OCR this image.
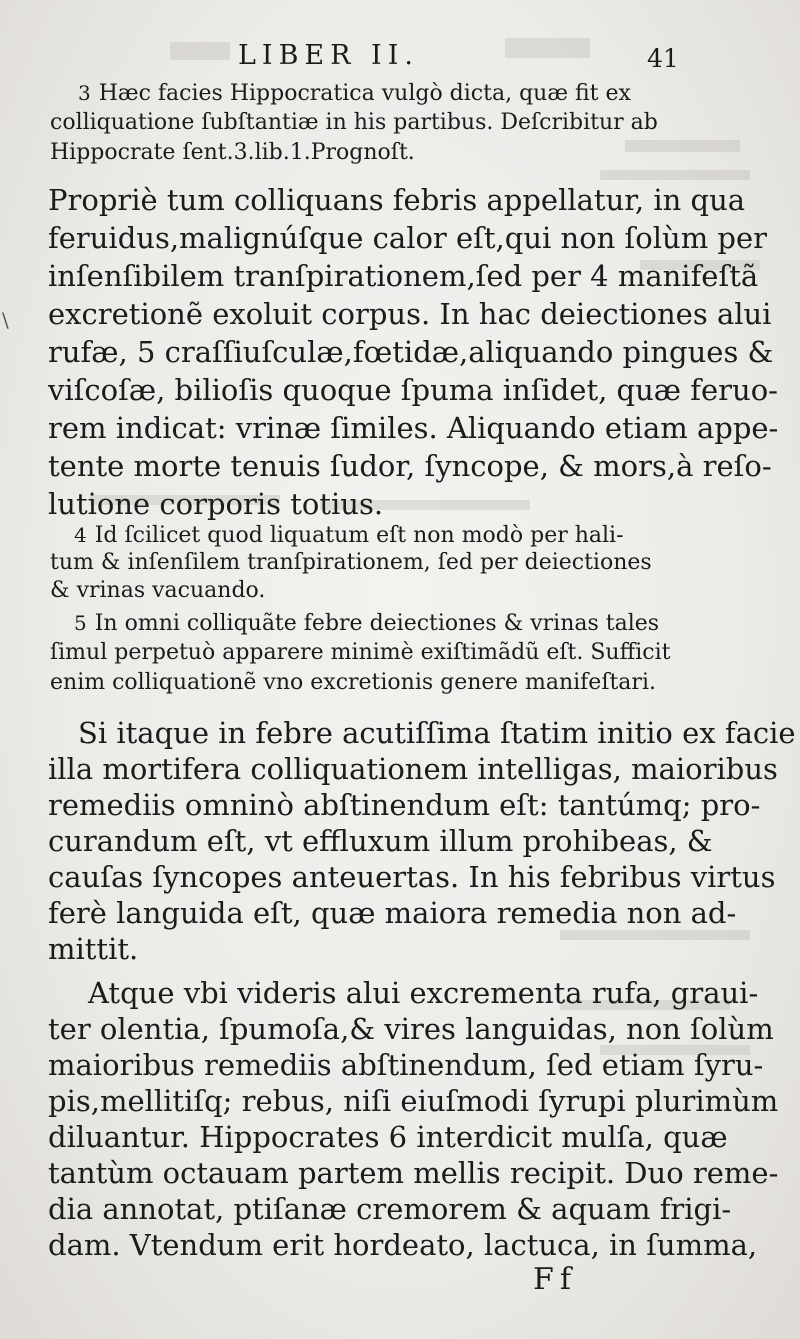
LIBER II.	41
3 Hæc facies Hippocratica vulgò dicta, quæ fit ex
colliquatione ſubſtantiæ in his partibus. Deſcribitur ab
Hippocrate ſent.3.lib.1.Prognoſt.
Propriè tum colliquans febris appellatur, in qua
feruidus,malignúſque calor eſt,qui non ſolùm per
inſenſibilem tranſpirationem,ſed per 4 manifeſtã
excretionẽ exoluit corpus. In hac deiectiones alui
rufæ, 5 craſſiuſculæ,fœtidæ,aliquando pingues &
viſcoſæ, bilioſis quoque ſpuma inſidet, quæ feruo-
rem indicat: vrinæ ſimiles. Aliquando etiam appe-
tente morte tenuis ſudor, ſyncope, & mors,à reſo-
lutione corporis totius.
\
4 Id ſcilicet quod liquatum eſt non modò per hali-
tum & inſenſilem tranſpirationem, ſed per deiectiones
& vrinas vacuando.
5 In omni colliquãte febre deiectiones & vrinas tales
ſimul perpetuò apparere minimè exiſtimãdũ eſt. Sufficit
enim colliquationẽ vno excretionis genere manifeſtari.
Si itaque in febre acutiſſima ſtatim initio ex facie
illa mortifera colliquationem intelligas, maioribus
remediis omninò abſtinendum eſt: tantúmq; pro-
curandum eſt, vt effluxum illum prohibeas, &
cauſas ſyncopes anteuertas. In his febribus virtus
ferè languida eſt, quæ maiora remedia non ad-
mittit.
Atque vbi videris alui excrementa rufa, graui-
ter olentia, ſpumoſa,& vires languidas, non ſolùm
maioribus remediis abſtinendum, ſed etiam ſyru-
pis,mellitiſq; rebus, niſi eiuſmodi ſyrupi plurimùm
diluantur. Hippocrates 6 interdicit mulſa, quæ
tantùm octauam partem mellis recipit. Duo reme-
dia annotat, ptiſanæ cremorem & aquam frigi-
dam. Vtendum erit hordeato, lactuca, in ſumma,
Ff
